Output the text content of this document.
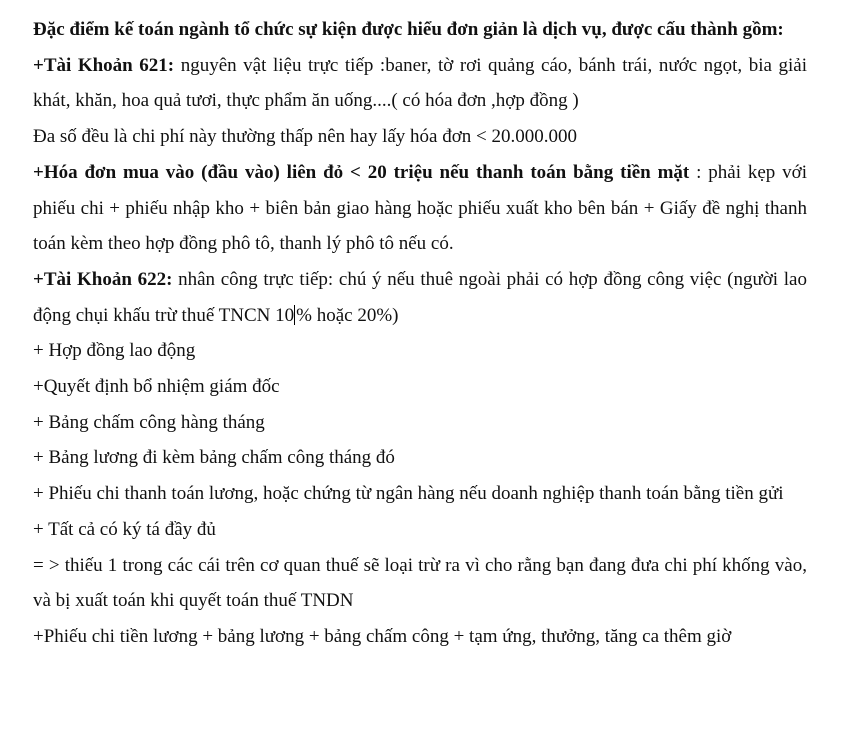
Đặc điểm kế toán ngành tổ chức sự kiện được hiểu đơn giản là dịch vụ, được cấu thành gồm:

+Tài Khoản 621: nguyên vật liệu trực tiếp :baner, tờ rơi quảng cáo, bánh trái, nước ngọt, bia giải khát, khăn, hoa quả tươi, thực phẩm ăn uống....( có hóa đơn ,hợp đồng )

Đa số đều là chi phí này thường thấp nên hay lấy hóa đơn < 20.000.000

+Hóa đơn mua vào (đầu vào) liên đỏ < 20 triệu nếu thanh toán bằng tiền mặt : phải kẹp với phiếu chi + phiếu nhập kho + biên bản giao hàng hoặc phiếu xuất kho bên bán + Giấy đề nghị thanh toán kèm theo hợp đồng phô tô, thanh lý phô tô nếu có.

+Tài Khoản 622: nhân công trực tiếp: chú ý nếu thuê ngoài phải có hợp đồng công việc (người lao động chụi khấu trừ thuế TNCN 10 % hoặc 20%)

+ Hợp đồng lao động

+Quyết định bổ nhiệm giám đốc

+ Bảng chấm công hàng tháng

+ Bảng lương đi kèm bảng chấm công tháng đó

+ Phiếu chi thanh toán lương, hoặc chứng từ ngân hàng nếu doanh nghiệp thanh toán bằng tiền gửi

+ Tất cả có ký tá đầy đủ

= > thiếu 1 trong các cái trên cơ quan thuế sẽ loại trừ ra vì cho rằng bạn đang đưa chi phí khống vào, và bị xuất toán khi quyết toán thuế TNDN

+Phiếu chi tiền lương + bảng lương + bảng chấm công + tạm ứng, thưởng, tăng ca thêm giờ
